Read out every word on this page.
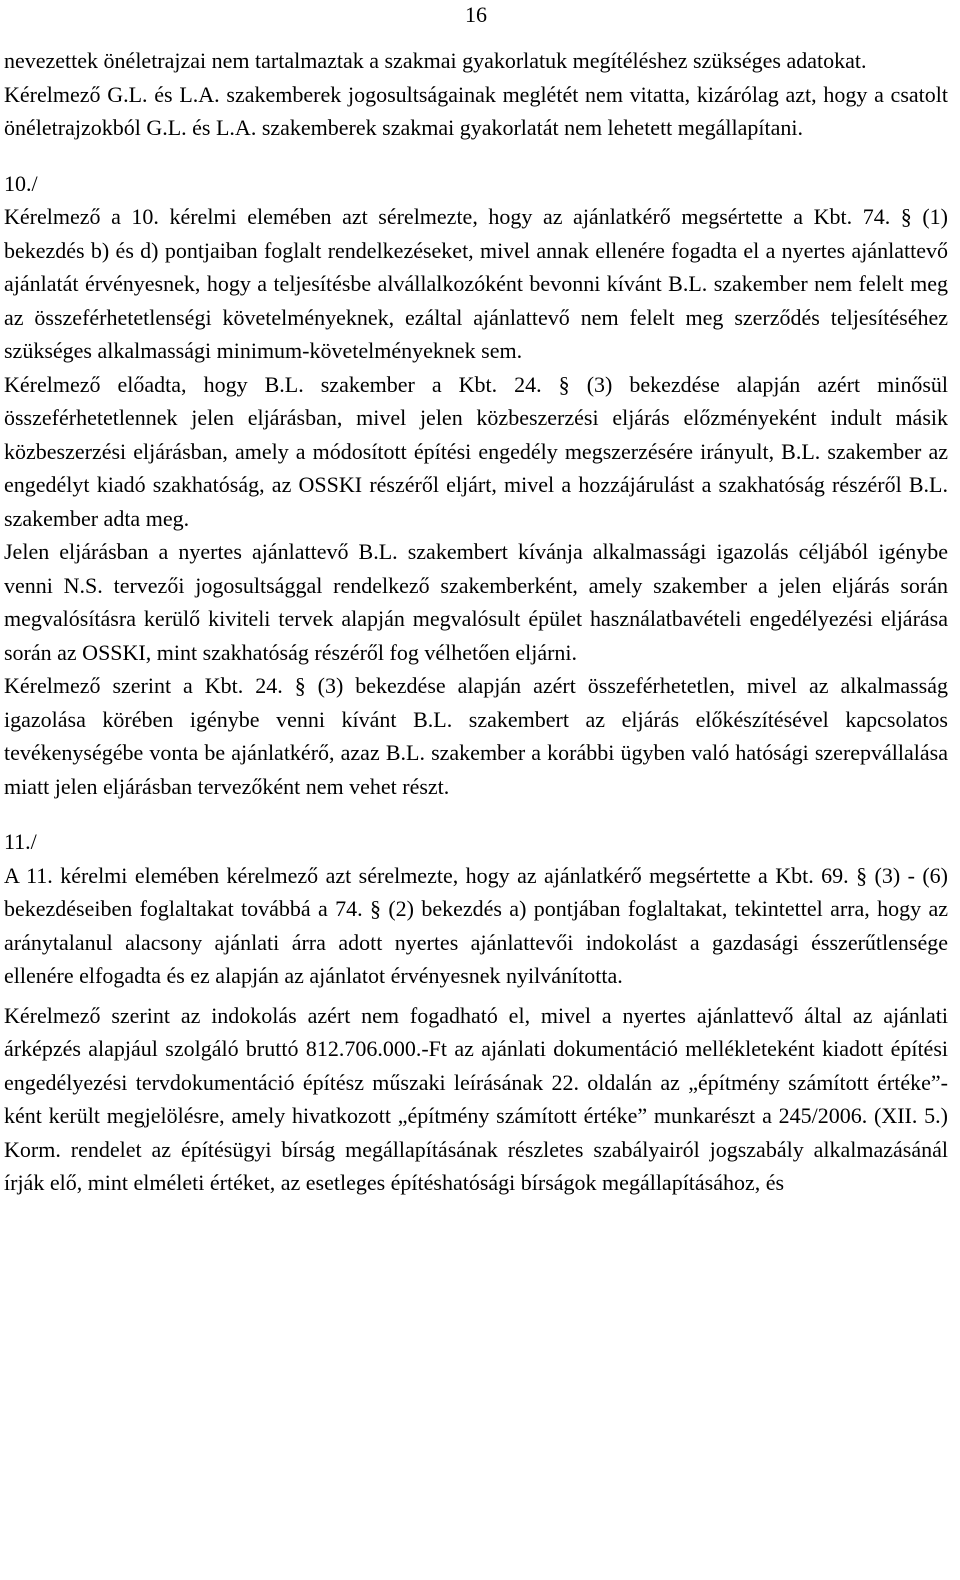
16

nevezettek önéletrajzai nem tartalmaztak a szakmai gyakorlatuk megítéléshez szükséges adatokat.

Kérelmező G.L. és L.A. szakemberek jogosultságainak meglétét nem vitatta, kizárólag azt, hogy a csatolt önéletrajzokból G.L. és L.A. szakemberek szakmai gyakorlatát nem lehetett megállapítani.

10./

Kérelmező a 10. kérelmi elemében azt sérelmezte, hogy az ajánlatkérő megsértette a Kbt. 74. § (1) bekezdés b) és d) pontjaiban foglalt rendelkezéseket, mivel annak ellenére fogadta el a nyertes ajánlattevő ajánlatát érvényesnek, hogy a teljesítésbe alvállalkozóként bevonni kívánt B.L. szakember nem felelt meg az összeférhetetlenségi követelményeknek, ezáltal ajánlattevő nem felelt meg szerződés teljesítéséhez szükséges alkalmassági minimum-követelményeknek sem.

Kérelmező előadta, hogy B.L. szakember a Kbt. 24. § (3) bekezdése alapján azért minősül összeférhetetlennek jelen eljárásban, mivel jelen közbeszerzési eljárás előzményeként indult másik közbeszerzési eljárásban, amely a módosított építési engedély megszerzésére irányult, B.L. szakember az engedélyt kiadó szakhatóság, az OSSKI részéről eljárt, mivel a hozzájárulást a szakhatóság részéről B.L. szakember adta meg.

Jelen eljárásban a nyertes ajánlattevő B.L. szakembert kívánja alkalmassági igazolás céljából igénybe venni N.S. tervezői jogosultsággal rendelkező szakemberként, amely szakember a jelen eljárás során megvalósításra kerülő kiviteli tervek alapján megvalósult épület használatbavételi engedélyezési eljárása során az OSSKI, mint szakhatóság részéről fog vélhetően eljárni.

Kérelmező szerint a Kbt. 24. § (3) bekezdése alapján azért összeférhetetlen, mivel az alkalmasság igazolása körében igénybe venni kívánt B.L. szakembert az eljárás előkészítésével kapcsolatos tevékenységébe vonta be ajánlatkérő, azaz B.L. szakember a korábbi ügyben való hatósági szerepvállalása miatt jelen eljárásban tervezőként nem vehet részt.

11./

A 11. kérelmi elemében kérelmező azt sérelmezte, hogy az ajánlatkérő megsértette a Kbt. 69. § (3) - (6) bekezdéseiben foglaltakat továbbá a 74. § (2) bekezdés a) pontjában foglaltakat, tekintettel arra, hogy az aránytalanul alacsony ajánlati árra adott nyertes ajánlattevői indokolást a gazdasági ésszerűtlensége ellenére elfogadta és ez alapján az ajánlatot érvényesnek nyilvánította.

Kérelmező szerint az indokolás azért nem fogadható el, mivel a nyertes ajánlattevő által az ajánlati árképzés alapjául szolgáló bruttó 812.706.000.-Ft az ajánlati dokumentáció mellékleteként kiadott építési engedélyezési tervdokumentáció építész műszaki leírásának 22. oldalán az „építmény számított értéke”-ként került megjelölésre, amely hivatkozott „építmény számított értéke” munkarészt a 245/2006. (XII. 5.) Korm. rendelet az építésügyi bírság megállapításának részletes szabályairól jogszabály alkalmazásánál írják elő, mint elméleti értéket, az esetleges építéshatósági bírságok megállapításához, és
